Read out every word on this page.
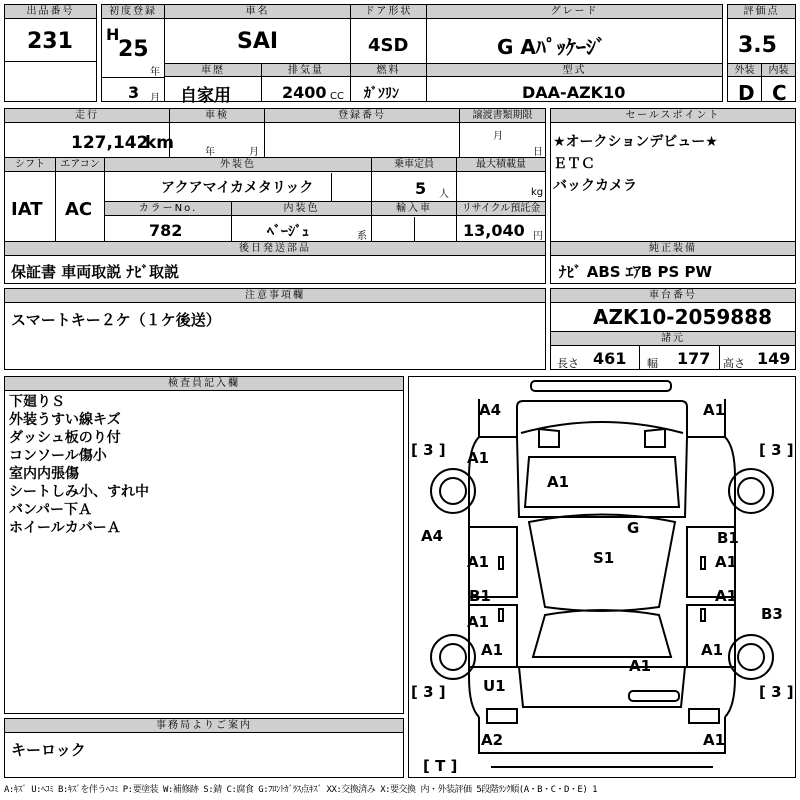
出品番号
231
初度登録
H
25
年
3 月
車名
SAI
ドア形状
4SD
グレード
G Aﾊﾟｯｹｰｼﾞ
車歴
自家用
排気量
2400 CC
燃料
ｶﾞｿﾘﾝ
型式
DAA-AZK10
評価点
3.5
外装	内装
D C
走行
127,142
km
車検
年	月
登録番号	譲渡書類期限
月
日
シフト
IAT
エアコン
AC
外装色
アクアマイカメタリック
乗車定員
5 人
最大積載量
kg
カラーNo.
782
内装色
ﾍﾞｰｼﾞｭ	系
輸入車	リサイクル預託金
13,040 円
後日発送部品
保証書 車両取説 ﾅﾋﾞ取説
セールスポイント
★オークションデビュー★
ＥＴＣ
バックカメラ
純正装備
ﾅﾋﾞ ABS ｴｱB PS PW
注意事項欄
スマートキー２ケ（１ケ後送）
車台番号
AZK10-2059888
諸元
長さ 461 幅 177 高さ 149
検査員記入欄
下廻りＳ
外装うすい線キズ
ダッシュ板のり付
コンソール傷小
室内内張傷
シートしみ小、すれ中
バンパー下Ａ
ホイールカバーＡ
事務局よりご案内
キーロック
A4	A1
[ 3 ]	[ 3 ]
A1
A1
G
A4	B1
A1	S1	A1
B1	A1
A1	B3
A1	A1
A1
U1
[ 3 ]	[ 3 ]
A2	A1
[ T ]
A:ｷｽﾞ U:ﾍｺﾐ B:ｷｽﾞを伴うﾍｺﾐ P:要塗装 W:補修跡 S:錆 C:腐食 G:ﾌﾛﾝﾄｶﾞﾗｽ点ｷｽﾞ XX:交換済み X:要交換 内・外装評価 5段階ﾗﾝｸ順(A・B・C・D・E) 1
